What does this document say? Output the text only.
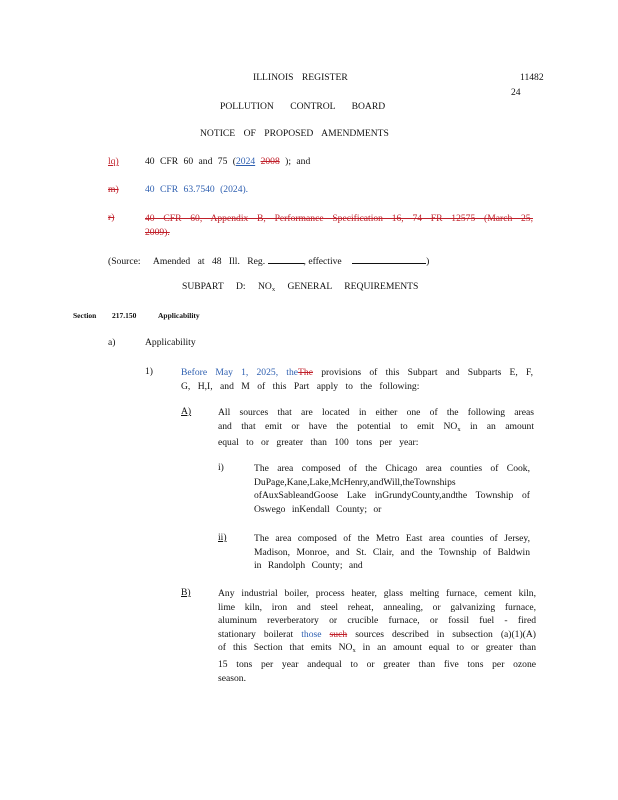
ILLINOIS REGISTER	11482
24
POLLUTION CONTROL BOARD
NOTICE OF PROPOSED AMENDMENTS
lq)	40 CFR 60 and 75 (2024 2008 ); and
m)	40 CFR 63.7540 (2024).
r)	40 CFR 60, Appendix B, Performance Specification 16, 74 FR 12575 (March 25, 2009).
(Source: Amended at 48 Ill. Reg.	, effective	)
SUBPART D: $NO_x$ GENERAL REQUIREMENTS
Section 217.150	Applicability
a)	Applicability
1)	Before May 1, 2025, theThe provisions of this Subpart and Subparts E, F, G, H,I, and M of this Part apply to the following:
A)	All sources that are located in either one of the following areas and that emit or have the potential to emit $NO_x$ in an amount equal to or greater than 100 tons per year:
i)	The area composed of the Chicago area counties of Cook, DuPage,Kane,Lake,McHenry,andWill,theTownships ofAuxSableandGoose Lake inGrundyCounty,andthe Township of Oswego inKendall County; or
ii)	The area composed of the Metro East area counties of Jersey, Madison, Monroe, and St. Clair, and the Township of Baldwin in Randolph County; and
B)	Any industrial boiler, process heater, glass melting furnace, cement kiln, lime kiln, iron and steel reheat, annealing, or galvanizing furnace, aluminum reverberatory or crucible furnace, or fossil fuel - fired stationary boilerat those such sources described in subsection (a)(1)(A) of this Section that emits $NO_x$ in an amount equal to or greater than 15 tons per year andequal to or greater than five tons per ozone season.
